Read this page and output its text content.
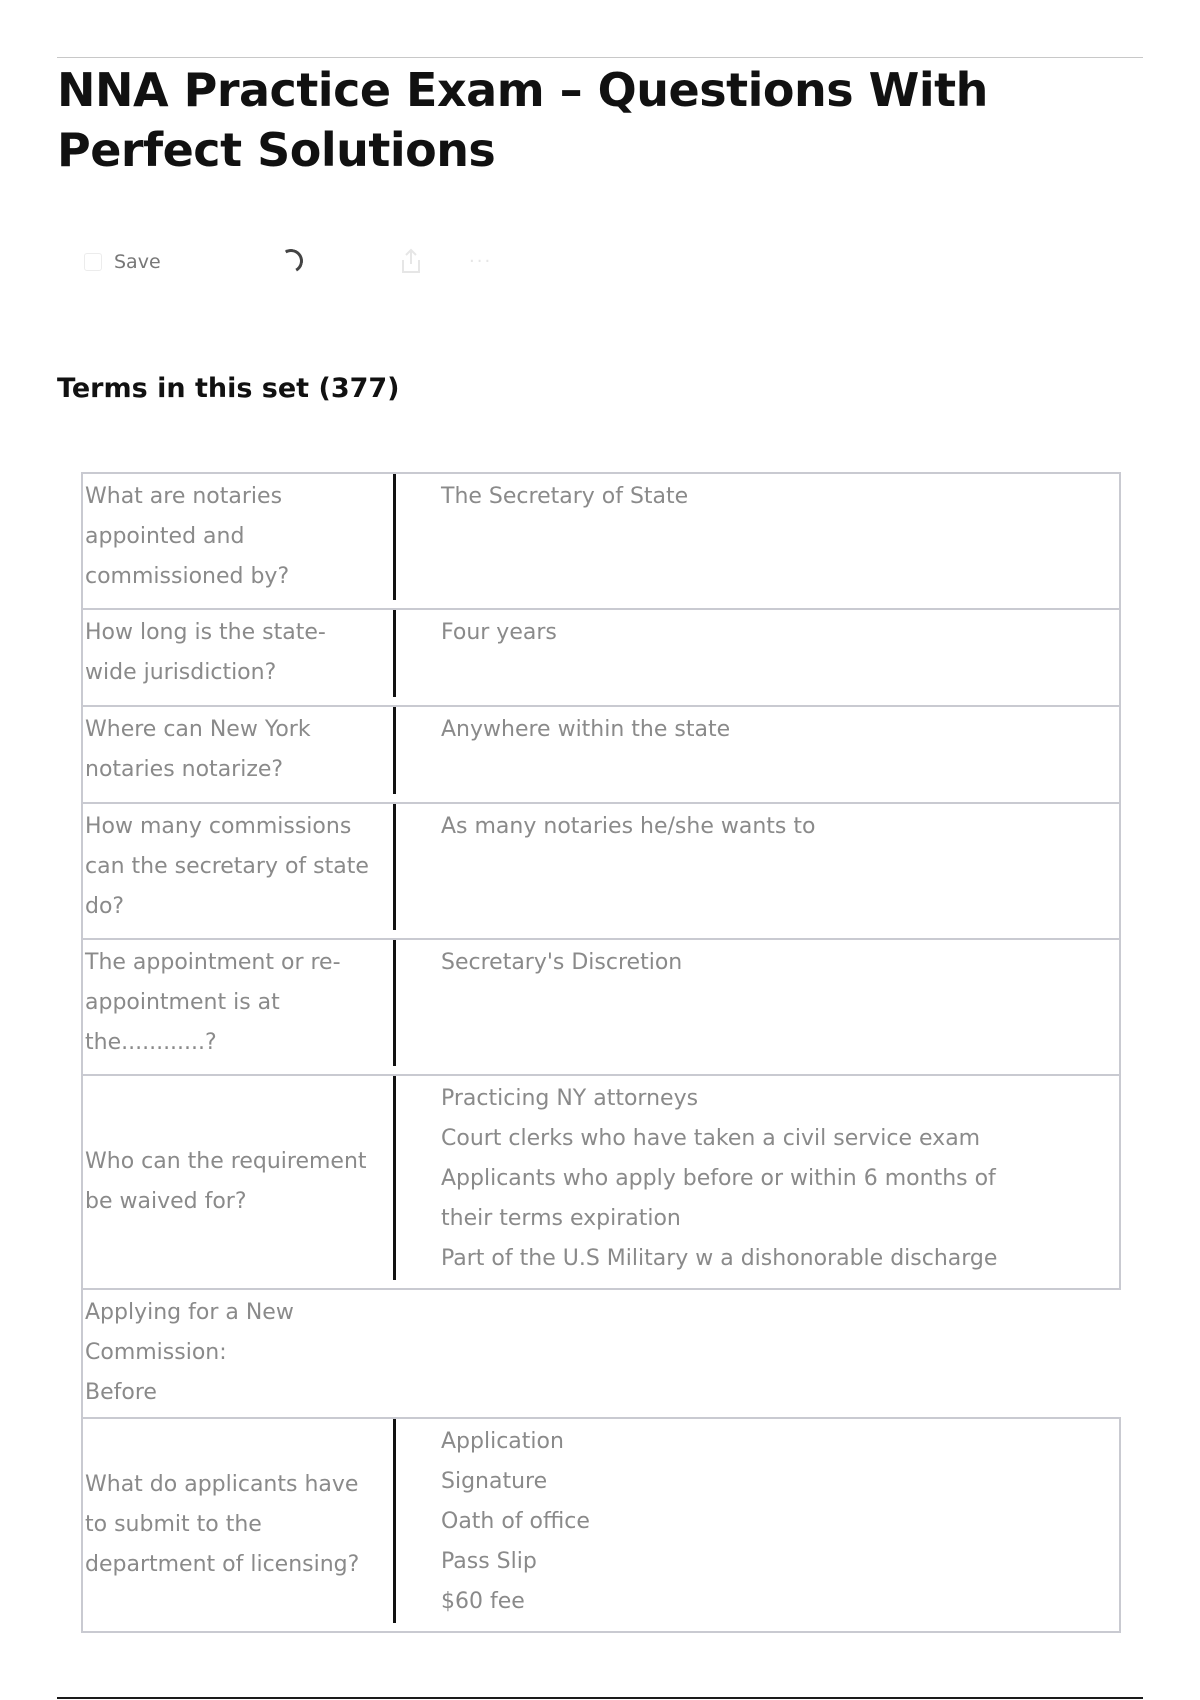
NNA Practice Exam – Questions With Perfect Solutions
Save	···
Terms in this set (377)
What are notaries
appointed and
commissioned by?	The Secretary of State

How long is the state-
wide jurisdiction?	Four years

Where can New York
notaries notarize?	Anywhere within the state

How many commissions
can the secretary of state
do?	As many notaries he/she wants to

The appointment or re-
appointment is at
the............?	Secretary's Discretion

Who can the requirement
be waived for?	Practicing NY attorneys
Court clerks who have taken a civil service exam
Applicants who apply before or within 6 months of
their terms expiration
Part of the U.S Military w a dishonorable discharge

Applying for a New
Commission:
Before	

What do applicants have
to submit to the
department of licensing?	Application
Signature
Oath of office
Pass Slip
$60 fee
